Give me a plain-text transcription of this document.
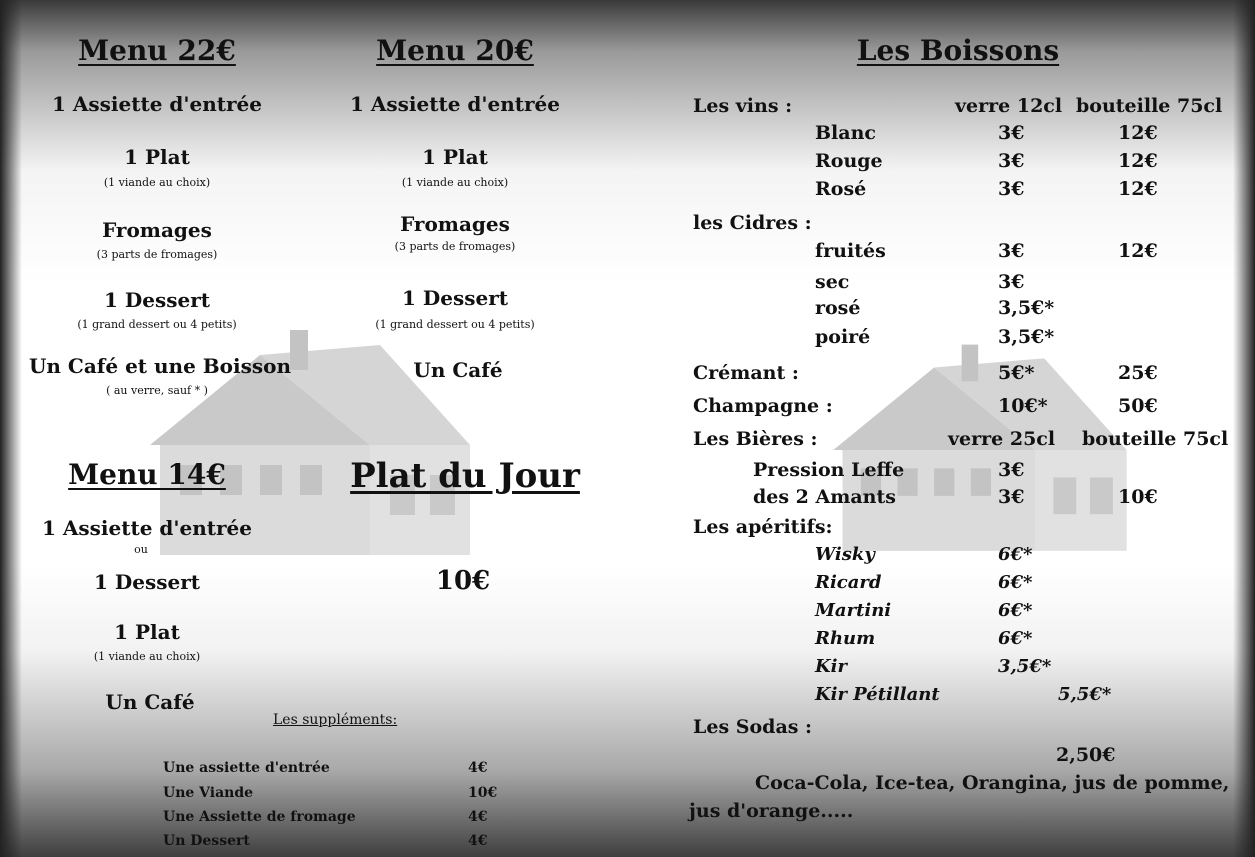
Menu 22€
1 Assiette d'entrée
1 Plat
(1 viande au choix)
Fromages
(3 parts de fromages)
1 Dessert
(1 grand dessert ou 4 petits)
Un Café et une Boisson
( au verre, sauf * )
Menu 20€
1 Assiette d'entrée
1 Plat
(1 viande au choix)
Fromages
(3 parts de fromages)
1 Dessert
(1 grand dessert ou 4 petits)
Un Café
Menu 14€
1 Assiette d'entrée
ou
1 Dessert
1 Plat
(1 viande au choix)
Un Café
Plat du Jour
10€
Les suppléments:
Une assiette d'entrée	4€
Une Viande	10€
Une Assiette de fromage	4€
Un Dessert	4€
Les Boissons
Les vins :	verre 12cl bouteille 75cl
Blanc	3€	12€
Rouge	3€	12€
Rosé	3€	12€
les Cidres :
fruités	3€	12€
sec	3€
rosé	3,5€*
poiré	3,5€*
Crémant :	5€*	25€
Champagne :	10€*	50€
Les Bières :	verre 25cl bouteille 75cl
Pression Leffe	3€
des 2 Amants	3€	10€
Les apéritifs:
Wisky	6€*
Ricard	6€*
Martini	6€*
Rhum	6€*
Kir	3,5€*
Kir Pétillant	5,5€*
Les Sodas :
2,50€
Coca-Cola, Ice-tea, Orangina, jus de pomme,
jus d'orange.....
